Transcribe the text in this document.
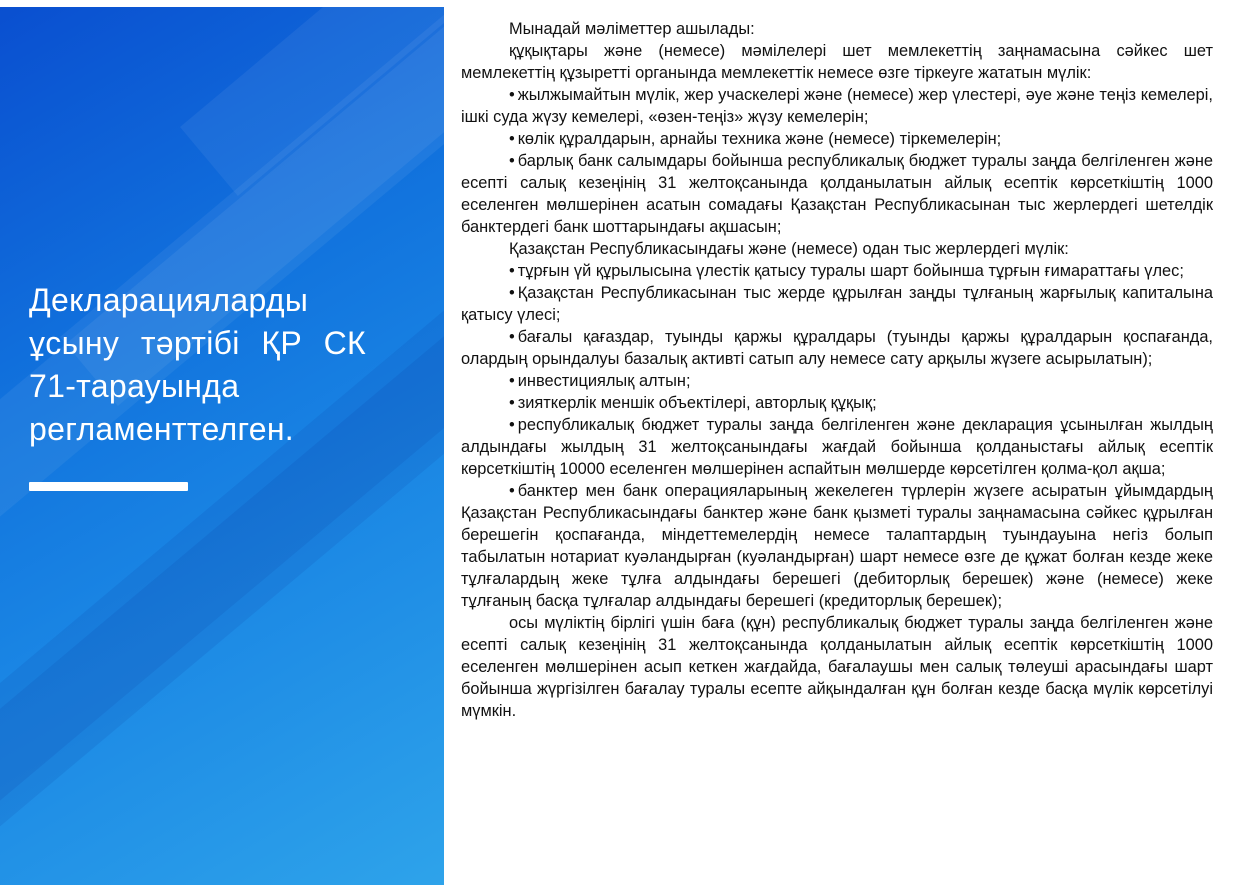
Декларацияларды ұсыну тәртібі ҚР СК 71-тарауында регламенттелген.

Мынадай мәліметтер ашылады:

құқықтары және (немесе) мәмілелері шет мемлекеттің заңнамасына сәйкес шет мемлекеттің құзыретті органында мемлекеттік немесе өзге тіркеуге жататын мүлік:

• жылжымайтын мүлік, жер учаскелері және (немесе) жер үлестері, әуе және теңіз кемелері, ішкі суда жүзу кемелері, «өзен-теңіз» жүзу кемелерін;

• көлік құралдарын, арнайы техника және (немесе) тіркемелерін;

• барлық банк салымдары бойынша республикалық бюджет туралы заңда белгіленген және есепті салық кезеңінің 31 желтоқсанында қолданылатын айлық есептік көрсеткіштің 1000 еселенген мөлшерінен асатын сомадағы Қазақстан Республикасынан тыс жерлердегі шетелдік банктердегі банк шоттарындағы ақшасын;

Қазақстан Республикасындағы және (немесе) одан тыс жерлердегі мүлік:

• тұрғын үй құрылысына үлестік қатысу туралы шарт бойынша тұрғын ғимараттағы үлес;

• Қазақстан Республикасынан тыс жерде құрылған заңды тұлғаның жарғылық капиталына қатысу үлесі;

• бағалы қағаздар, туынды қаржы құралдары (туынды қаржы құралдарын қоспағанда, олардың орындалуы базалық активті сатып алу немесе сату арқылы жүзеге асырылатын);

• инвестициялық алтын;

• зияткерлік меншік объектілері, авторлық құқық;

• республикалық бюджет туралы заңда белгіленген және декларация ұсынылған жылдың алдындағы жылдың 31 желтоқсанындағы жағдай бойынша қолданыстағы айлық есептік көрсеткіштің 10000 еселенген мөлшерінен аспайтын мөлшерде көрсетілген қолма-қол ақша;

• банктер мен банк операцияларының жекелеген түрлерін жүзеге асыратын ұйымдардың Қазақстан Республикасындағы банктер және банк қызметі туралы заңнамасына сәйкес құрылған берешегін қоспағанда, міндеттемелердің немесе талаптардың туындауына негіз болып табылатын нотариат куәландырған (куәландырған) шарт немесе өзге де құжат болған кезде жеке тұлғалардың жеке тұлға алдындағы берешегі (дебиторлық берешек) және (немесе) жеке тұлғаның басқа тұлғалар алдындағы берешегі (кредиторлық берешек);

осы мүліктің бірлігі үшін баға (құн) республикалық бюджет туралы заңда белгіленген және есепті салық кезеңінің 31 желтоқсанында қолданылатын айлық есептік көрсеткіштің 1000 еселенген мөлшерінен асып кеткен жағдайда, бағалаушы мен салық төлеуші арасындағы шарт бойынша жүргізілген бағалау туралы есепте айқындалған құн болған кезде басқа мүлік көрсетілуі мүмкін.
